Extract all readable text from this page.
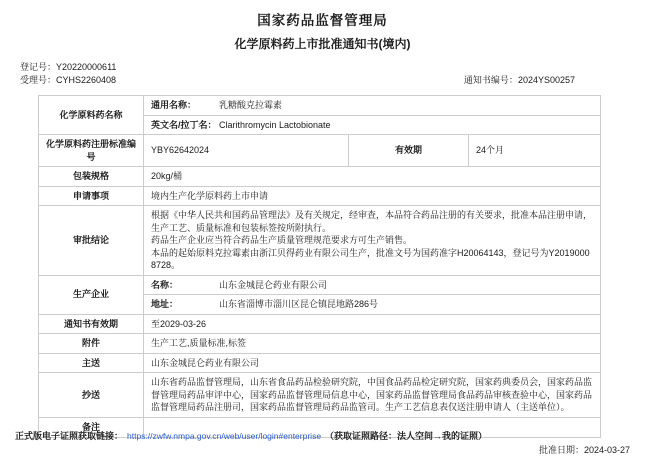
国家药品监督管理局
化学原料药上市批准通知书(境内)
登记号：Y20220000611
受理号：CYHS2260408	通知书编号：2024YS00257
化学原料药名称	通用名称： 乳糖酸克拉霉素		

	英文名/拉丁名： Clarithromycin Lactobionate		

化学原料药注册标准编号	YBY62642024	有效期	24个月
包装规格	20kg/桶		
申请事项	境内生产化学原料药上市申请		
审批结论	根据《中华人民共和国药品管理法》及有关规定，经审查，本品符合药品注册的有关要求，批准本品注册申请，生产工艺、质量标准和包装标签按所附执行。
药品生产企业应当符合药品生产质量管理规范要求方可生产销售。
本品的起始原料克拉霉素由浙江贝得药业有限公司生产，批准文号为国药准字H20064143，登记号为Y20190008728。		

生产企业	名称： 山东金城昆仑药业有限公司		

	地址： 山东省淄博市淄川区昆仑镇昆地路286号		

通知书有效期	至2029-03-26		
附件	生产工艺,质量标准,标签		
主送	山东金城昆仑药业有限公司		
抄送	山东省药品监督管理局，山东省食品药品检验研究院，中国食品药品检定研究院，国家药典委员会，国家药品监督管理局药品审评中心，国家药品监督管理局信息中心，国家药品监督管理局食品药品审核查验中心，国家药品监督管理局药品注册司，国家药品监督管理局药品监管司。生产工艺信息表仅送注册申请人（主送单位）。		
备注			
批准日期：2024-03-27
正式版电子证照获取链接： https://zwfw.nmpa.gov.cn/web/user/login#enterprise （获取证照路径：法人空间→我的证照）
